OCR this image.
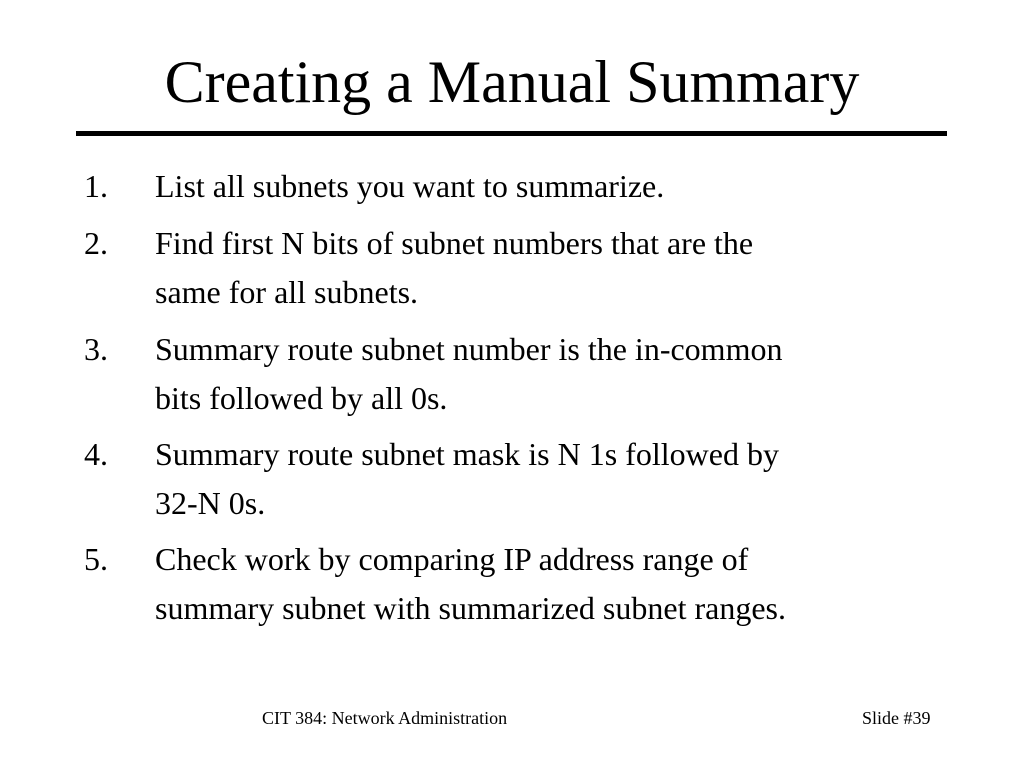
Creating a Manual Summary
1.	List all subnets you want to summarize.
2.	Find first N bits of subnet numbers that are the
same for all subnets.
3.	Summary route subnet number is the in-common
bits followed by all 0s.
4.	Summary route subnet mask is N 1s followed by
32-N 0s.
5.	Check work by comparing IP address range of
summary subnet with summarized subnet ranges.
CIT 384: Network Administration	Slide #39
